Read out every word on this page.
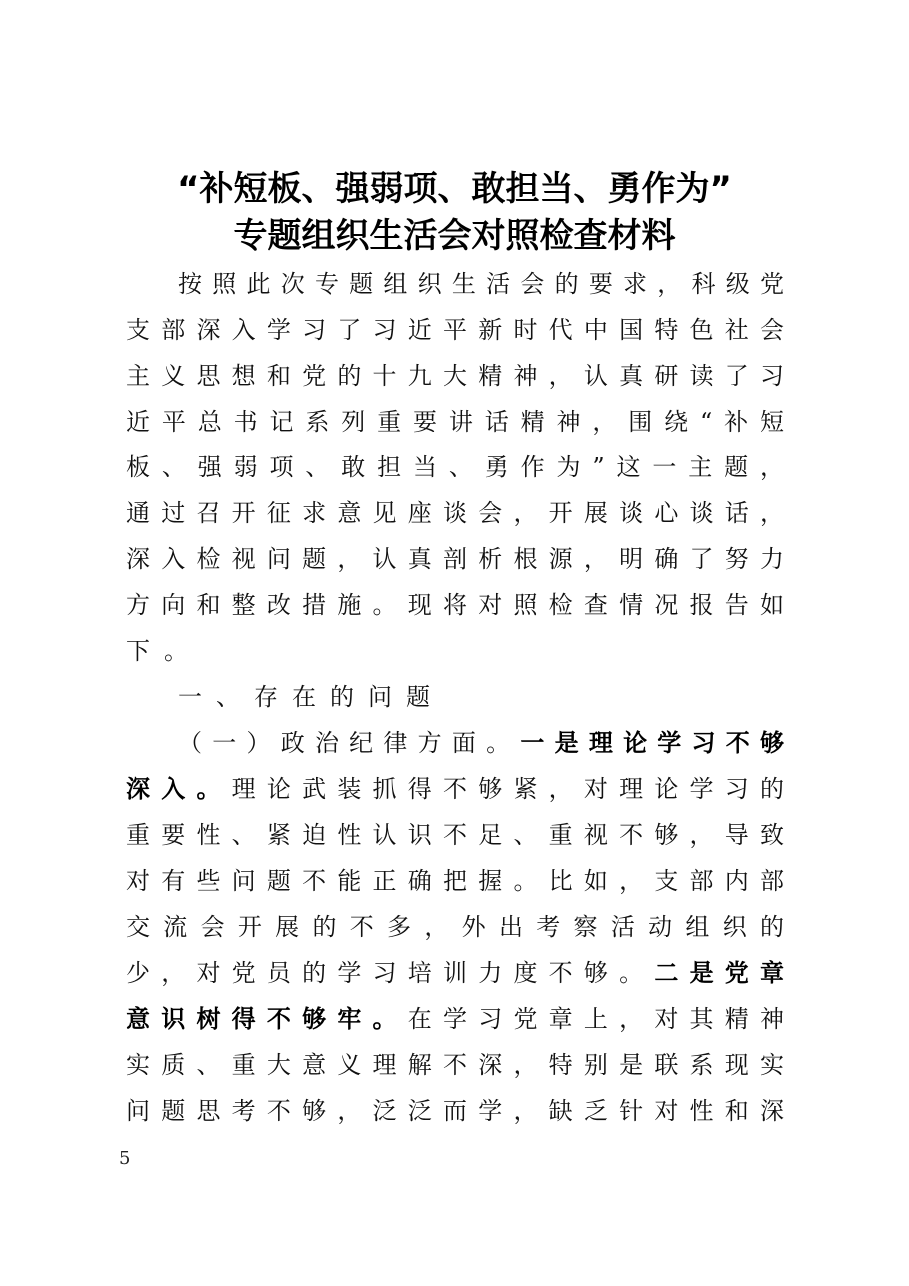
“补短板、强弱项、敢担当、勇作为”
专题组织生活会对照检查材料
按​照​此​次​专​题​组​织​生​活​会​的​要​求​，​科​级​党
支​部​深​入​学​习​了​习​近​平​新​时​代​中​国​特​色​社​会
主​义​思​想​和​党​的​十​九​大​精​神​，​认​真​研​读​了​习
近​平​总​书​记​系​列​重​要​讲​话​精​神​，​围​绕​“​补​短
板​、​强​弱​项​、​敢​担​当​、​勇​作​为​”​这​一​主​题​，
通​过​召​开​征​求​意​见​座​谈​会​，​开​展​谈​心​谈​话​，
深​入​检​视​问​题​，​认​真​剖​析​根​源​，​明​确​了​努​力
方​向​和​整​改​措​施​。​现​将​对​照​检​查​情​况​报​告​如
下。
一、存在的问题
（​一​）​政​治​纪​律​方​面​。一​是​理​论​学​习​不​够
深​入​。理​论​武​装​抓​得​不​够​紧​，​对​理​论​学​习​的
重​要​性​、​紧​迫​性​认​识​不​足​、​重​视​不​够​，​导​致
对​有​些​问​题​不​能​正​确​把​握​。​比​如​，​支​部​内​部
交​流​会​开​展​的​不​多​，​外​出​考​察​活​动​组​织​的
少​，​对​党​员​的​学​习​培​训​力​度​不​够​。二​是​党​章
意​识​树​得​不​够​牢​。在​学​习​党​章​上​，​对​其​精​神
实​质​、​重​大​意​义​理​解​不​深​，​特​别​是​联​系​现​实
问​题​思​考​不​够​，​泛​泛​而​学​，​缺​乏​针​对​性​和​深
5
